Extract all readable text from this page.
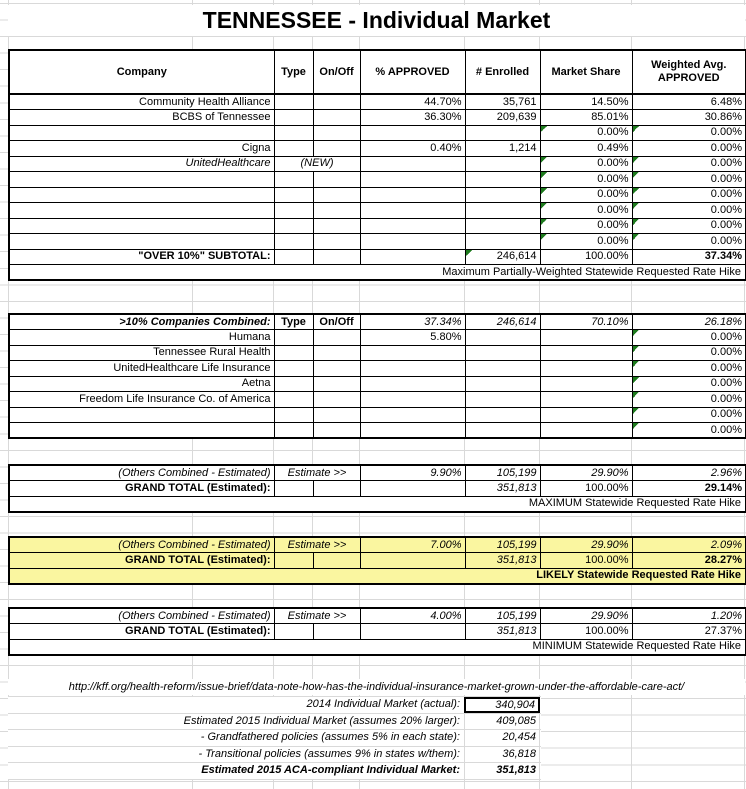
TENNESSEE - Individual Market
Company	Type	On/Off	% APPROVED	# Enrolled	Market Share	Weighted Avg. APPROVED
Community Health Alliance			44.70%	35,761	14.50%	6.48%
BCBS of Tennessee			36.30%	209,639	85.01%	30.86%
					0.00%	0.00%
Cigna			0.40%	1,214	0.49%	0.00%
UnitedHealthcare	(NEW)				0.00%	0.00%
					0.00%	0.00%
					0.00%	0.00%
					0.00%	0.00%
					0.00%	0.00%
					0.00%	0.00%
"OVER 10%" SUBTOTAL:				246,614	100.00%	37.34%
Maximum Partially-Weighted Statewide Requested Rate Hike						
>10% Companies Combined:	Type	On/Off	37.34%	246,614	70.10%	26.18%
Humana			5.80%			0.00%
Tennessee Rural Health						0.00%
UnitedHealthcare Life Insurance						0.00%
Aetna						0.00%
Freedom Life Insurance Co. of America						0.00%
						0.00%
						0.00%
(Others Combined - Estimated)	Estimate >>		9.90%	105,199	29.90%	2.96%
GRAND TOTAL (Estimated):				351,813	100.00%	29.14%
MAXIMUM Statewide Requested Rate Hike						
(Others Combined - Estimated)	Estimate >>		7.00%	105,199	29.90%	2.09%
GRAND TOTAL (Estimated):				351,813	100.00%	28.27%
LIKELY Statewide Requested Rate Hike						
(Others Combined - Estimated)	Estimate >>		4.00%	105,199	29.90%	1.20%
GRAND TOTAL (Estimated):				351,813	100.00%	27.37%
MINIMUM Statewide Requested Rate Hike						
http://kff.org/health-reform/issue-brief/data-note-how-has-the-individual-insurance-market-grown-under-the-affordable-care-act/
2014 Individual Market (actual):	340,904
Estimated 2015 Individual Market (assumes 20% larger):	409,085
- Grandfathered policies (assumes 5% in each state):	20,454
- Transitional policies (assumes 9% in states w/them):	36,818
Estimated 2015 ACA-compliant Individual Market:	351,813
